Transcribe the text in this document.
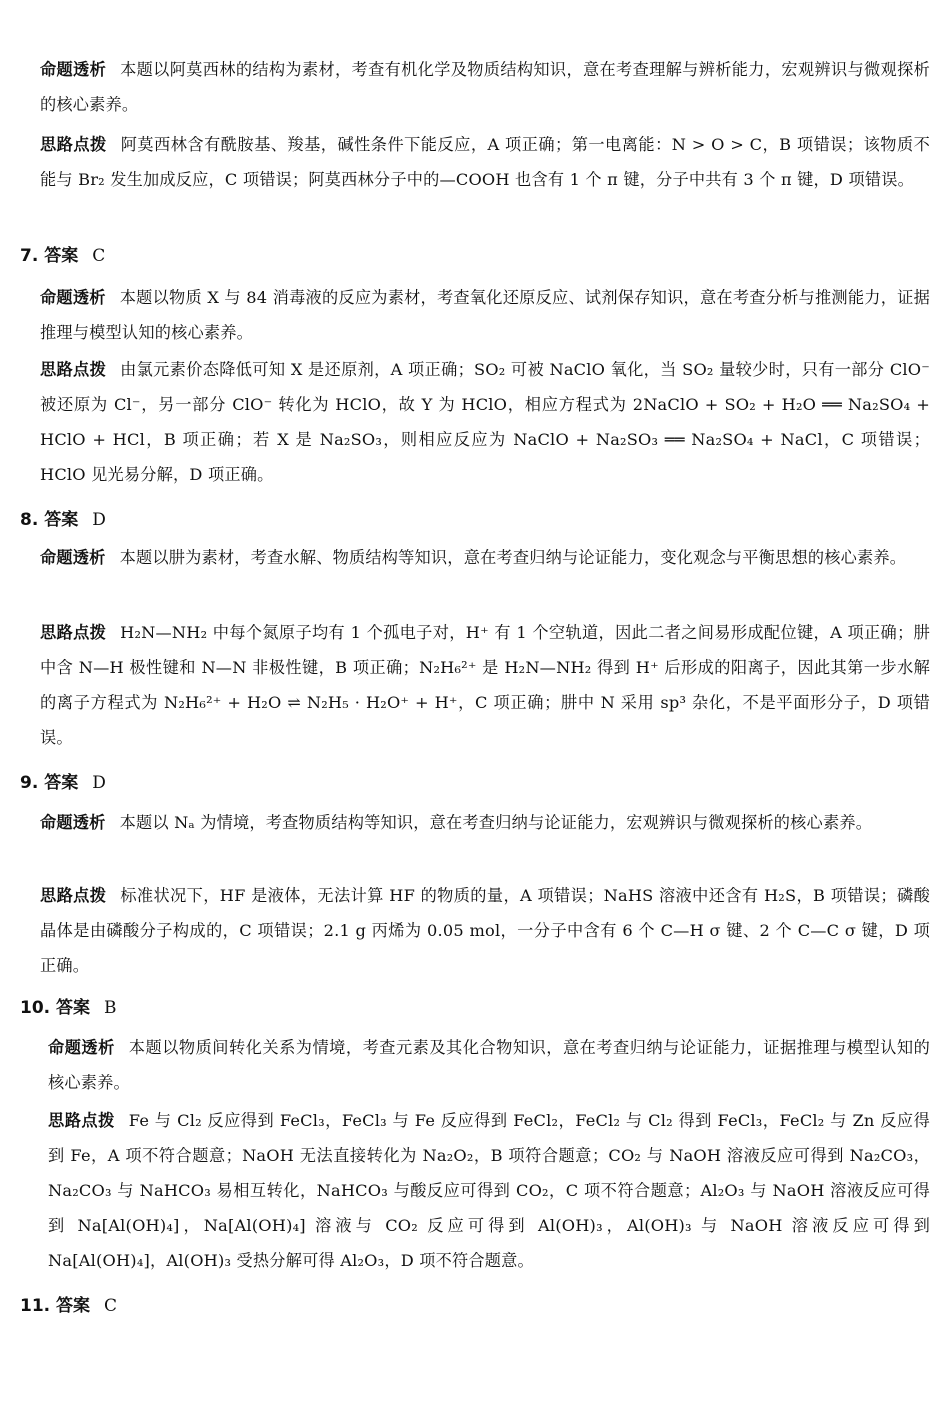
命题透析 本题以阿莫西林的结构为素材，考查有机化学及物质结构知识，意在考查理解与辨析能力，宏观辨识与微观探析的核心素养。
思路点拨 阿莫西林含有酰胺基、羧基，碱性条件下能反应，A 项正确；第一电离能：N > O > C，B 项错误；该物质不能与 Br₂ 发生加成反应，C 项错误；阿莫西林分子中的—COOH 也含有 1 个 π 键，分子中共有 3 个 π 键，D 项错误。
7. 答案 C
命题透析 本题以物质 X 与 84 消毒液的反应为素材，考查氧化还原反应、试剂保存知识，意在考查分析与推测能力，证据推理与模型认知的核心素养。
思路点拨 由氯元素价态降低可知 X 是还原剂，A 项正确；SO₂ 可被 NaClO 氧化，当 SO₂ 量较少时，只有一部分 ClO⁻ 被还原为 Cl⁻，另一部分 ClO⁻ 转化为 HClO，故 Y 为 HClO，相应方程式为 2NaClO + SO₂ + H₂O ══ Na₂SO₄ + HClO + HCl，B 项正确；若 X 是 Na₂SO₃，则相应反应为 NaClO + Na₂SO₃ ══ Na₂SO₄ + NaCl，C 项错误；HClO 见光易分解，D 项正确。
8. 答案 D
命题透析 本题以肼为素材，考查水解、物质结构等知识，意在考查归纳与论证能力，变化观念与平衡思想的核心素养。
思路点拨 H₂N—NH₂ 中每个氮原子均有 1 个孤电子对，H⁺ 有 1 个空轨道，因此二者之间易形成配位键，A 项正确；肼中含 N—H 极性键和 N—N 非极性键，B 项正确；N₂H₆²⁺ 是 H₂N—NH₂ 得到 H⁺ 后形成的阳离子，因此其第一步水解的离子方程式为 N₂H₆²⁺ + H₂O ⇌ N₂H₅ · H₂O⁺ + H⁺，C 项正确；肼中 N 采用 sp³ 杂化，不是平面形分子，D 项错误。
9. 答案 D
命题透析 本题以 Nₐ 为情境，考查物质结构等知识，意在考查归纳与论证能力，宏观辨识与微观探析的核心素养。
思路点拨 标准状况下，HF 是液体，无法计算 HF 的物质的量，A 项错误；NaHS 溶液中还含有 H₂S，B 项错误；磷酸晶体是由磷酸分子构成的，C 项错误；2.1 g 丙烯为 0.05 mol，一分子中含有 6 个 C—H σ 键、2 个 C—C σ 键，D 项正确。
10. 答案 B
命题透析 本题以物质间转化关系为情境，考查元素及其化合物知识，意在考查归纳与论证能力，证据推理与模型认知的核心素养。
思路点拨 Fe 与 Cl₂ 反应得到 FeCl₃，FeCl₃ 与 Fe 反应得到 FeCl₂，FeCl₂ 与 Cl₂ 得到 FeCl₃，FeCl₂ 与 Zn 反应得到 Fe，A 项不符合题意；NaOH 无法直接转化为 Na₂O₂，B 项符合题意；CO₂ 与 NaOH 溶液反应可得到 Na₂CO₃，Na₂CO₃ 与 NaHCO₃ 易相互转化，NaHCO₃ 与酸反应可得到 CO₂，C 项不符合题意；Al₂O₃ 与 NaOH 溶液反应可得到 Na[Al(OH)₄]，Na[Al(OH)₄] 溶液与 CO₂ 反应可得到 Al(OH)₃，Al(OH)₃ 与 NaOH 溶液反应可得到 Na[Al(OH)₄]，Al(OH)₃ 受热分解可得 Al₂O₃，D 项不符合题意。
11. 答案 C
